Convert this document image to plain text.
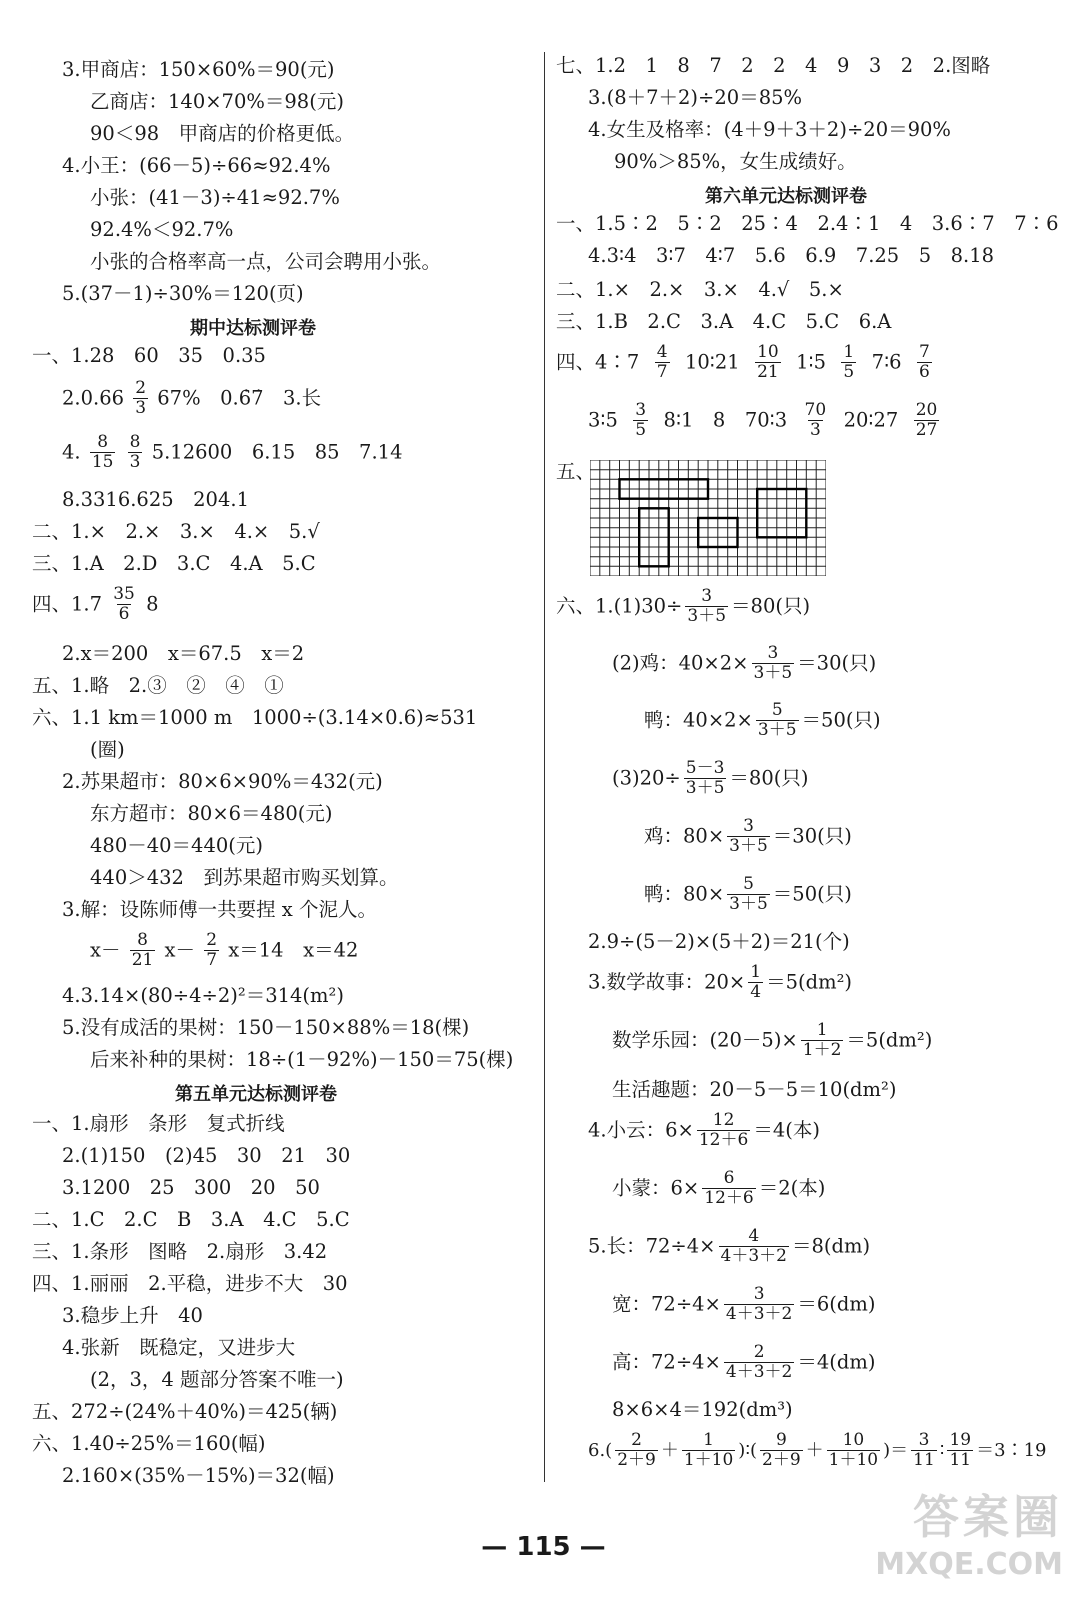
3.甲商店：150×60%＝90(元)
乙商店：140×70%＝98(元)
90＜98　甲商店的价格更低。
4.小王：(66－5)÷66≈92.4%
小张：(41－3)÷41≈92.7%
92.4%＜92.7%
小张的合格率高一点，公司会聘用小张。
5.(37－1)÷30%＝120(页)
期中达标测评卷
一、1.28　60　35　0.35
$2.0.66 \frac{2}{3} 67\%$　0.6̇7̇　3.长
4. $\frac{8}{15}$
$\frac{8}{3} 5.12600$　6.15　85　7.14
8.3316.625　204.1
二、1.×　2.×　3.×　4.×　5.√
三、1.A　2.D　3.C　4.A　5.C
四、$1.7 \frac{35}{6} 8$
2.x＝200　x＝67.5　x＝2
五、1.略　2.③　②　④　①
六、1.1 km＝1000 m　1000÷(3.14×0.6)≈531
(圈)
2.苏果超市：80×6×90%＝432(元)
东方超市：80×6＝480(元)
480－40＝440(元)
440＞432　到苏果超市购买划算。
3.解：设陈师傅一共要捏 x 个泥人。
$x- \frac{8}{21} x- \frac{2}{7} x=14$　x＝42
4.3.14×(80÷4÷2)²＝314(m²)
5.没有成活的果树：150－150×88%＝18(棵)
后来补种的果树：18÷(1－92%)－150＝75(棵)
第五单元达标测评卷
一、1.扇形　条形　复式折线
2.(1)150　(2)45　30　21　30
3.1200　25　300　20　50
二、1.C　2.C　B　3.A　4.C　5.C
三、1.条形　图略　2.扇形　3.42
四、1.丽丽　2.平稳，进步不大　30
3.稳步上升　40
4.张新　既稳定，又进步大
(2，3，4 题部分答案不唯一)
五、272÷(24%＋40%)＝425(辆)
六、1.40÷25%＝160(幅)
2.160×(35%－15%)＝32(幅)
七、1.2　1　8　7　2　2　4　9　3　2　2.图略
3.(8＋7＋2)÷20＝85%
4.女生及格率：(4＋9＋3＋2)÷20＝90%
90%＞85%，女生成绩好。
第六单元达标测评卷
一、1.5∶2　5∶2　25∶4　2.4∶1　4　3.6∶7　7∶6
4.3∶4　3∶7　4∶7　5.6　6.9　7.25　5　8.18
二、1.×　2.×　3.×　4.√　5.×
三、1.B　2.C　3.A　4.C　5.C　6.A
四、4∶7 $\frac{4}{7}$ 10∶21 $\frac{10}{21}$ 1∶5 $\frac{1}{5}$ 7∶6 $\frac{7}{6}$
3∶5 $\frac{3}{5}$ 8∶1　8　70∶3 $\frac{70}{3}$ 20∶27 $\frac{20}{27}$
五、
六、$1.(1)30\div \frac{3}{3+5} =80$(只)
(2)鸡：$40\times 2\times \frac{3}{3+5} =30$(只)
鸭：$40\times 2\times \frac{5}{3+5} =50$(只)
$(3)20\div \frac{5-3}{3+5} =80$(只)
鸡：$80\times \frac{3}{3+5} =30$(只)
鸭：$80\times \frac{5}{3+5} =50$(只)
2.9÷(5－2)×(5＋2)＝21(个)
3.数学故事：$20\times \frac{1}{4} =5(dm^2)$
数学乐园：$(20-5)\times \frac{1}{1+2} =5(dm^2)$
生活趣题：20－5－5＝10(dm²)
4.小云：$6\times \frac{12}{12+6} =4$(本)
小蒙：$6\times \frac{6}{12+6} =2$(本)
5.长：$72\div 4\times \frac{4}{4+3+2} =8(dm)$
宽：$72\div 4\times \frac{3}{4+3+2} =6(dm)$
高：$72\div 4\times \frac{2}{4+3+2} =4(dm)$
8×6×4＝192(dm³)
$6.( \frac{2}{2+9} + \frac{1}{1+10}$ )∶( $\frac{9}{2+9} + \frac{10}{1+10}$ )＝ $\frac{3}{11}$ ∶ $\frac{19}{11}$ ＝3∶19
— 115 —
答案圈
MXQE.COM
